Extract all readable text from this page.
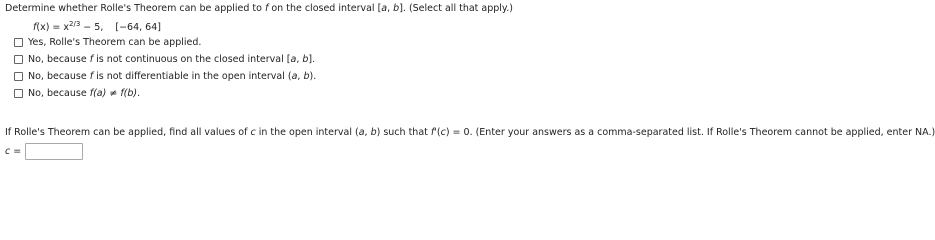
Determine whether Rolle's Theorem can be applied to f on the closed interval [a, b]. (Select all that apply.)
$f(x) = x^{2/3} - 5$, [−64, 64]
Yes, Rolle's Theorem can be applied.
No, because f is not continuous on the closed interval [a, b].
No, because f is not differentiable in the open interval (a, b).
No, because f(a) ≠ f(b).
If Rolle's Theorem can be applied, find all values of c in the open interval (a, b) such that f'(c) = 0. (Enter your answers as a comma-separated list. If Rolle's Theorem cannot be applied, enter NA.)
c =
